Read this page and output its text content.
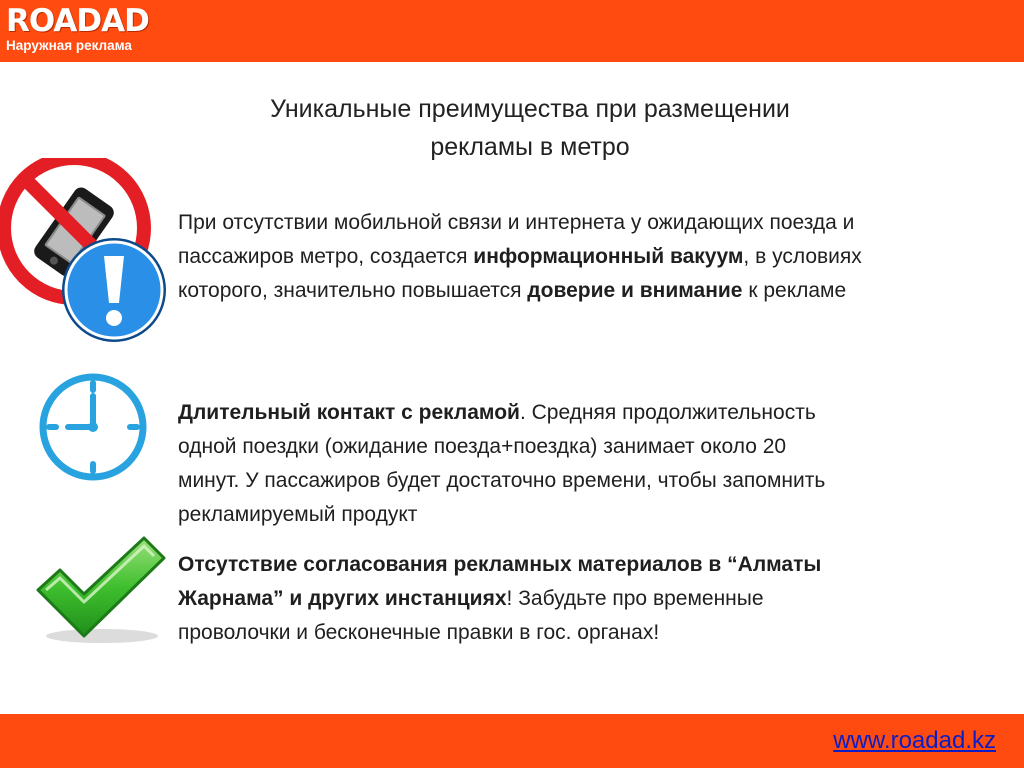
ROADAD
Наружная реклама
Уникальные преимущества при размещении
рекламы в метро
При отсутствии мобильной связи и интернета у ожидающих поезда и
пассажиров метро, создается информационный вакуум, в условиях
которого, значительно повышается доверие и внимание к рекламе
Длительный контакт с рекламой. Средняя продолжительность
одной поездки (ожидание поезда+поездка) занимает около 20
минут. У пассажиров будет достаточно времени, чтобы запомнить
рекламируемый продукт
Отсутствие согласования рекламных материалов в “Алматы
Жарнама” и других инстанциях! Забудьте про временные
проволочки и бесконечные правки в гос. органах!
www.roadad.kz
